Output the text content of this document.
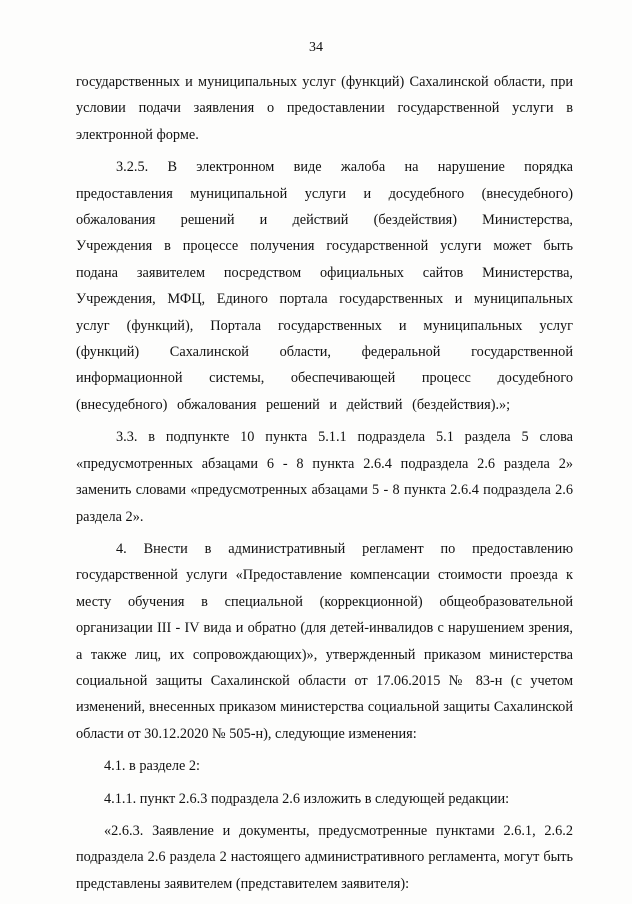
34

государственных и муниципальных услуг (функций) Сахалинской области, при условии подачи заявления о предоставлении государственной услуги в электронной форме.

3.2.5. В электронном виде жалоба на нарушение порядка предоставления муниципальной услуги и досудебного (внесудебного) обжалования решений и действий (бездействия) Министерства, Учреждения в процессе получения государственной услуги может быть подана заявителем посредством официальных сайтов Министерства, Учреждения, МФЦ, Единого портала государственных и муниципальных услуг (функций), Портала государственных и муниципальных услуг (функций) Сахалинской области, федеральной государственной информационной системы, обеспечивающей процесс досудебного (внесудебного) обжалования решений и действий (бездействия).»;

3.3. в подпункте 10 пункта 5.1.1 подраздела 5.1 раздела 5 слова «предусмотренных абзацами 6 - 8 пункта 2.6.4 подраздела 2.6 раздела 2» заменить словами «предусмотренных абзацами 5 - 8 пункта 2.6.4 подраздела 2.6 раздела 2».

4. Внести в административный регламент по предоставлению государственной услуги «Предоставление компенсации стоимости проезда к месту обучения в специальной (коррекционной) общеобразовательной организации III - IV вида и обратно (для детей-инвалидов с нарушением зрения, а также лиц, их сопровождающих)», утвержденный приказом министерства социальной защиты Сахалинской области от 17.06.2015 № 83-н (с учетом изменений, внесенных приказом министерства социальной защиты Сахалинской области от 30.12.2020 № 505-н), следующие изменения:

4.1. в разделе 2:

4.1.1. пункт 2.6.3 подраздела 2.6 изложить в следующей редакции:

«2.6.3. Заявление и документы, предусмотренные пунктами 2.6.1, 2.6.2 подраздела 2.6 раздела 2 настоящего административного регламента, могут быть представлены заявителем (представителем заявителя):
